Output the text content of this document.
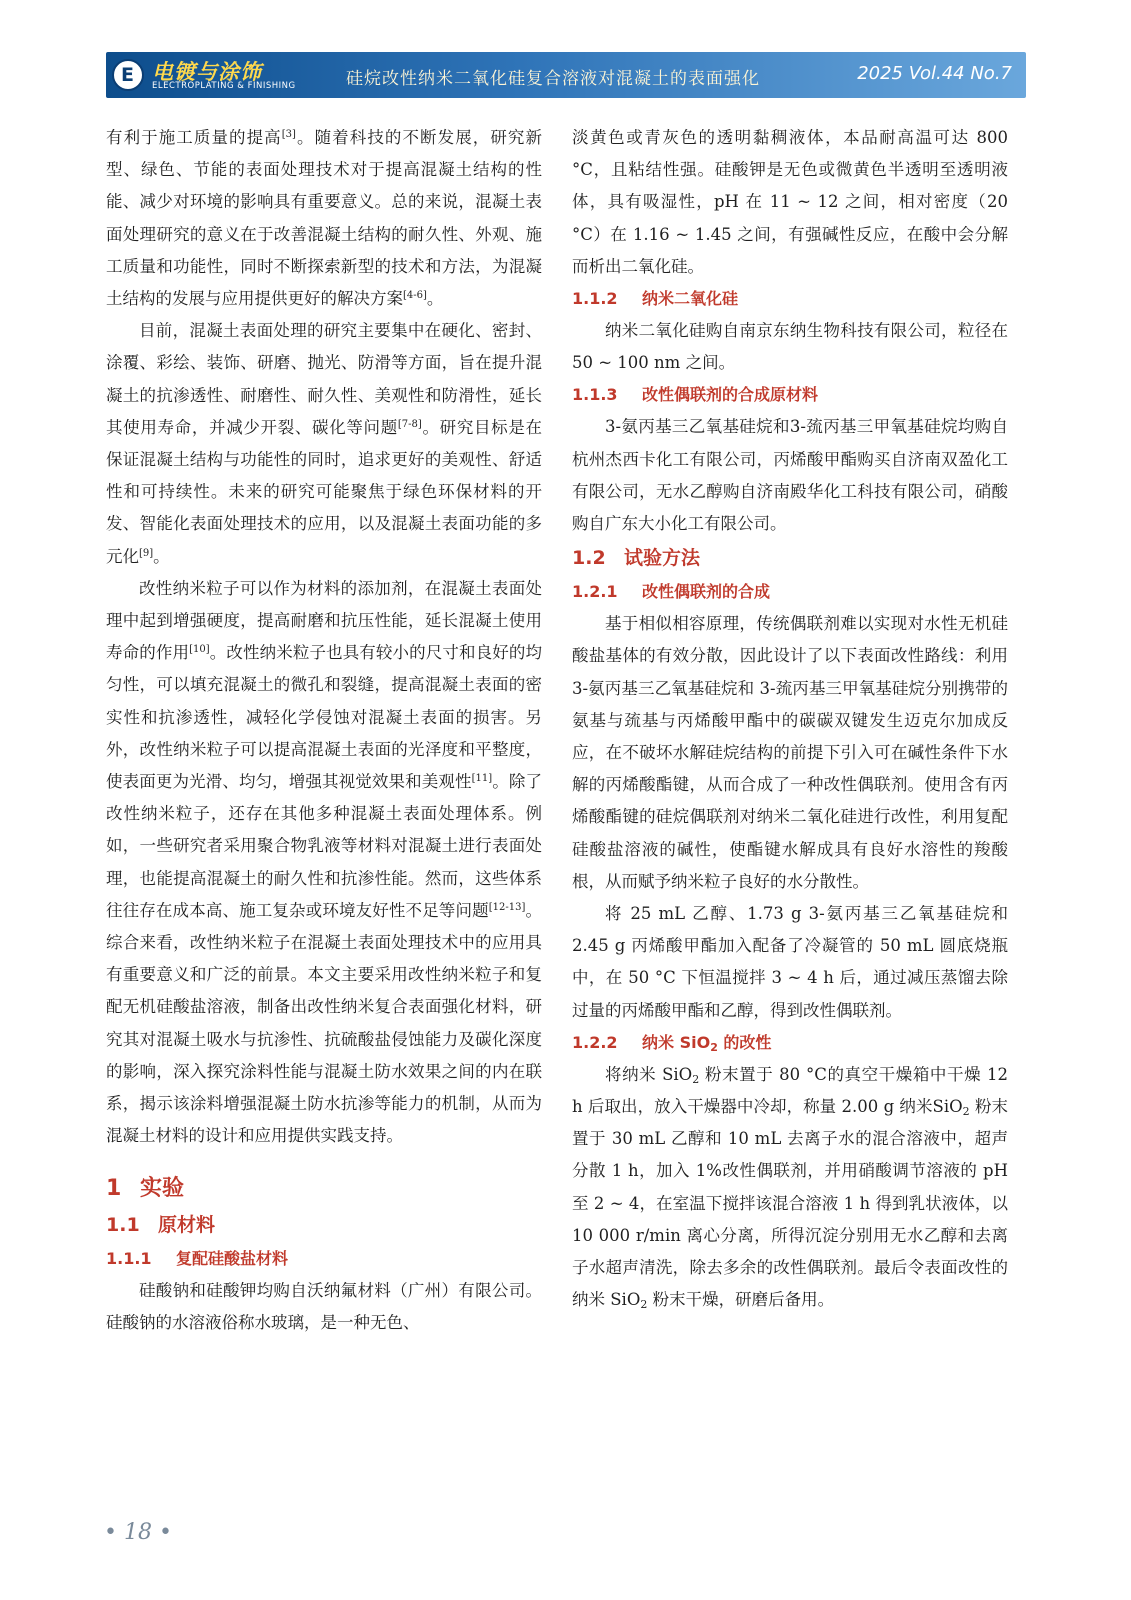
E 电镀与涂饰
ELECTROPLATING & FINISHING	硅烷改性纳米二氧化硅复合溶液对混凝土的表面强化	2025 Vol.44 No.7

有利于施工质量的提高[3]。随着科技的不断发展，研究新型、绿色、节能的表面处理技术对于提高混凝土结构的性能、减少对环境的影响具有重要意义。总的来说，混凝土表面处理研究的意义在于改善混凝土结构的耐久性、外观、施工质量和功能性，同时不断探索新型的技术和方法，为混凝土结构的发展与应用提供更好的解决方案[4-6]。

目前，混凝土表面处理的研究主要集中在硬化、密封、涂覆、彩绘、装饰、研磨、抛光、防滑等方面，旨在提升混凝土的抗渗透性、耐磨性、耐久性、美观性和防滑性，延长其使用寿命，并减少开裂、碳化等问题[7-8]。研究目标是在保证混凝土结构与功能性的同时，追求更好的美观性、舒适性和可持续性。未来的研究可能聚焦于绿色环保材料的开发、智能化表面处理技术的应用，以及混凝土表面功能的多元化[9]。

改性纳米粒子可以作为材料的添加剂，在混凝土表面处理中起到增强硬度，提高耐磨和抗压性能，延长混凝土使用寿命的作用[10]。改性纳米粒子也具有较小的尺寸和良好的均匀性，可以填充混凝土的微孔和裂缝，提高混凝土表面的密实性和抗渗透性，减轻化学侵蚀对混凝土表面的损害。另外，改性纳米粒子可以提高混凝土表面的光泽度和平整度，使表面更为光滑、均匀，增强其视觉效果和美观性[11]。除了改性纳米粒子，还存在其他多种混凝土表面处理体系。例如，一些研究者采用聚合物乳液等材料对混凝土进行表面处理，也能提高混凝土的耐久性和抗渗性能。然而，这些体系往往存在成本高、施工复杂或环境友好性不足等问题[12-13]。综合来看，改性纳米粒子在混凝土表面处理技术中的应用具有重要意义和广泛的前景。本文主要采用改性纳米粒子和复配无机硅酸盐溶液，制备出改性纳米复合表面强化材料，研究其对混凝土吸水与抗渗性、抗硫酸盐侵蚀能力及碳化深度的影响，深入探究涂料性能与混凝土防水效果之间的内在联系，揭示该涂料增强混凝土防水抗渗等能力的机制，从而为混凝土材料的设计和应用提供实践支持。

1 实验
1.1 原材料
1.1.1 复配硅酸盐材料

硅酸钠和硅酸钾均购自沃纳氟材料（广州）有限公司。硅酸钠的水溶液俗称水玻璃，是一种无色、

淡黄色或青灰色的透明黏稠液体，本品耐高温可达 800 °C，且粘结性强。硅酸钾是无色或微黄色半透明至透明液体，具有吸湿性，pH 在 11 ~ 12 之间，相对密度（20 °C）在 1.16 ~ 1.45 之间，有强碱性反应，在酸中会分解而析出二氧化硅。

1.1.2 纳米二氧化硅

纳米二氧化硅购自南京东纳生物科技有限公司，粒径在 50 ~ 100 nm 之间。

1.1.3 改性偶联剂的合成原材料

3-氨丙基三乙氧基硅烷和3-巯丙基三甲氧基硅烷均购自杭州杰西卡化工有限公司，丙烯酸甲酯购买自济南双盈化工有限公司，无水乙醇购自济南殿华化工科技有限公司，硝酸购自广东大小化工有限公司。

1.2 试验方法
1.2.1 改性偶联剂的合成

基于相似相容原理，传统偶联剂难以实现对水性无机硅酸盐基体的有效分散，因此设计了以下表面改性路线：利用 3-氨丙基三乙氧基硅烷和 3-巯丙基三甲氧基硅烷分别携带的氨基与巯基与丙烯酸甲酯中的碳碳双键发生迈克尔加成反应，在不破坏水解硅烷结构的前提下引入可在碱性条件下水解的丙烯酸酯键，从而合成了一种改性偶联剂。使用含有丙烯酸酯键的硅烷偶联剂对纳米二氧化硅进行改性，利用复配硅酸盐溶液的碱性，使酯键水解成具有良好水溶性的羧酸根，从而赋予纳米粒子良好的水分散性。

将 25 mL 乙醇、1.73 g 3-氨丙基三乙氧基硅烷和 2.45 g 丙烯酸甲酯加入配备了冷凝管的 50 mL 圆底烧瓶中，在 50 °C 下恒温搅拌 3 ~ 4 h 后，通过减压蒸馏去除过量的丙烯酸甲酯和乙醇，得到改性偶联剂。

1.2.2 纳米 SiO$_2$ 的改性

将纳米 SiO$_2$ 粉末置于 80 °C的真空干燥箱中干燥 12 h 后取出，放入干燥器中冷却，称量 2.00 g 纳米SiO$_2$ 粉末置于 30 mL 乙醇和 10 mL 去离子水的混合溶液中，超声分散 1 h，加入 1%改性偶联剂，并用硝酸调节溶液的 pH 至 2 ~ 4，在室温下搅拌该混合溶液 1 h 得到乳状液体，以 10 000 r/min 离心分离，所得沉淀分别用无水乙醇和去离子水超声清洗，除去多余的改性偶联剂。最后令表面改性的纳米 SiO$_2$ 粉末干燥，研磨后备用。

• 18 •
